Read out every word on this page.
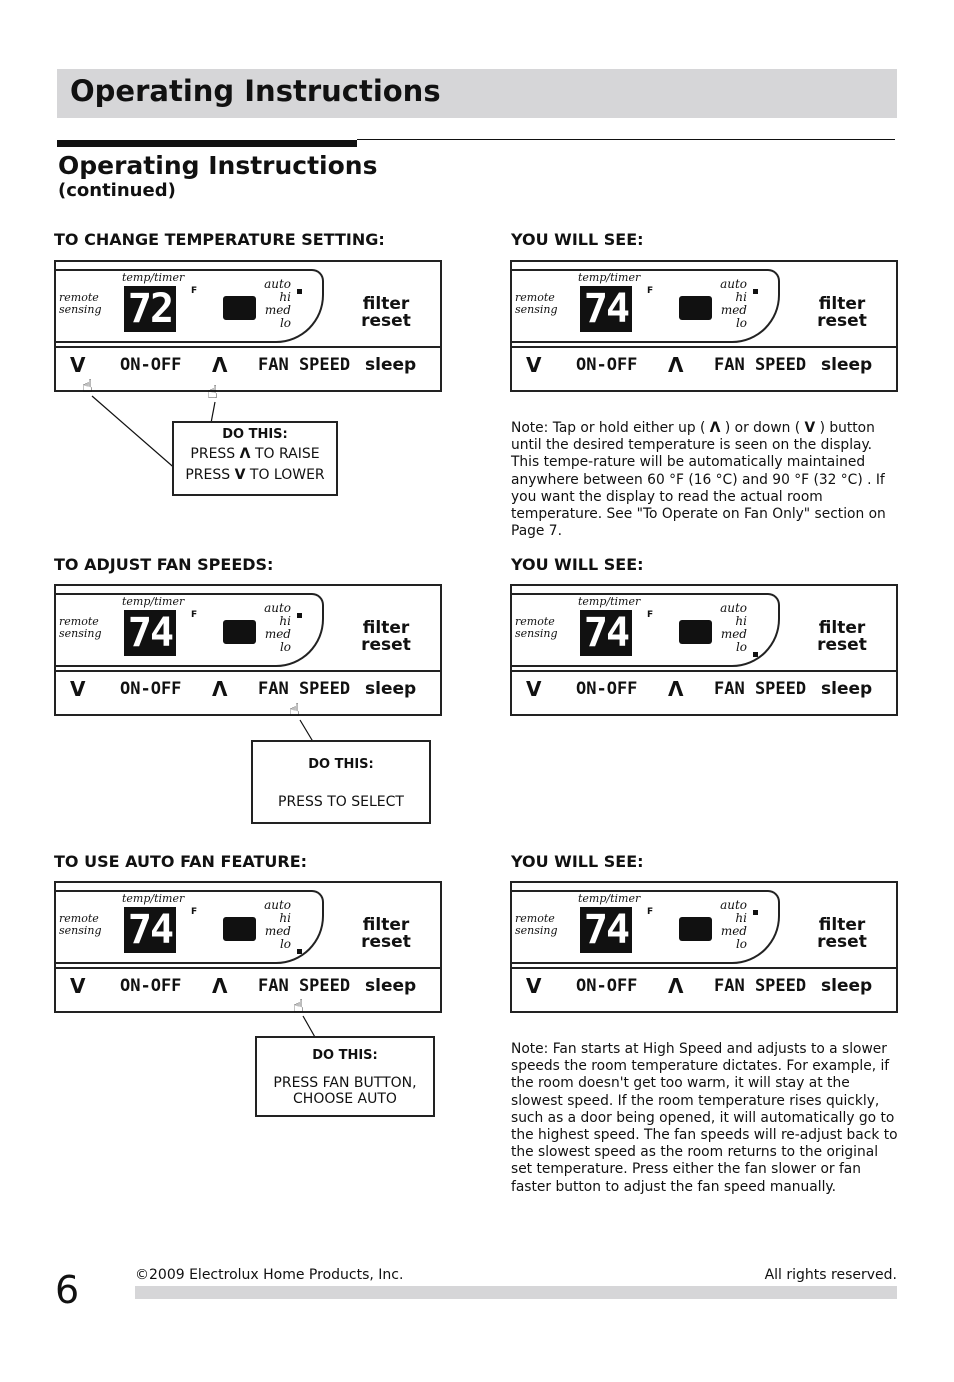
Operating Instructions
Operating Instructions
(continued)
TO CHANGE TEMPERATURE SETTING:	YOU WILL SEE:
TO ADJUST FAN SPEEDS:	YOU WILL SEE:
TO USE AUTO FAN FEATURE:	YOU WILL SEE:
remote
sensing
temp/timer
72	F	auto
hi
med
lo
filter
reset
V ON-OFF Λ FAN SPEED sleep
remote
sensing
temp/timer
74	F	auto
hi
med
lo
filter
reset
V ON-OFF Λ FAN SPEED sleep
remote
sensing
temp/timer
74	F	auto
hi
med
lo
filter
reset
V ON-OFF Λ FAN SPEED sleep
remote
sensing
temp/timer
74	F	auto
hi
med
lo
filter
reset
V ON-OFF Λ FAN SPEED sleep
remote
sensing
temp/timer
74	F	auto
hi
med
lo
filter
reset
V ON-OFF Λ FAN SPEED sleep
remote
sensing
temp/timer
74	F	auto
hi
med
lo
filter
reset
V ON-OFF Λ FAN SPEED sleep
☝	☝
☝
☝
DO THIS:
PRESS Λ TO RAISE
PRESS V TO LOWER
DO THIS:
PRESS TO SELECT
DO THIS:
PRESS FAN BUTTON,
CHOOSE AUTO
Note: Tap or hold either up ( Λ ) or down ( V ) button until the desired temperature is seen on the display. This tempe-rature will be automatically maintained anywhere between 60 °F (16 °C) and 90 °F (32 °C) . If you want the display to read the actual room temperature. See "To Operate on Fan Only" section on Page 7.
Note: Fan starts at High Speed and adjusts to a slower speeds the room temperature dictates. For example, if the room doesn't get too warm, it will stay at the slowest speed. If the room temperature rises quickly, such as a door being opened, it will automatically go to the highest speed. The fan speeds will re-adjust back to the slowest speed as the room returns to the original set temperature. Press either the fan slower or fan faster button to adjust the fan speed manually.
6	©2009 Electrolux Home Products, Inc.	All rights reserved.
